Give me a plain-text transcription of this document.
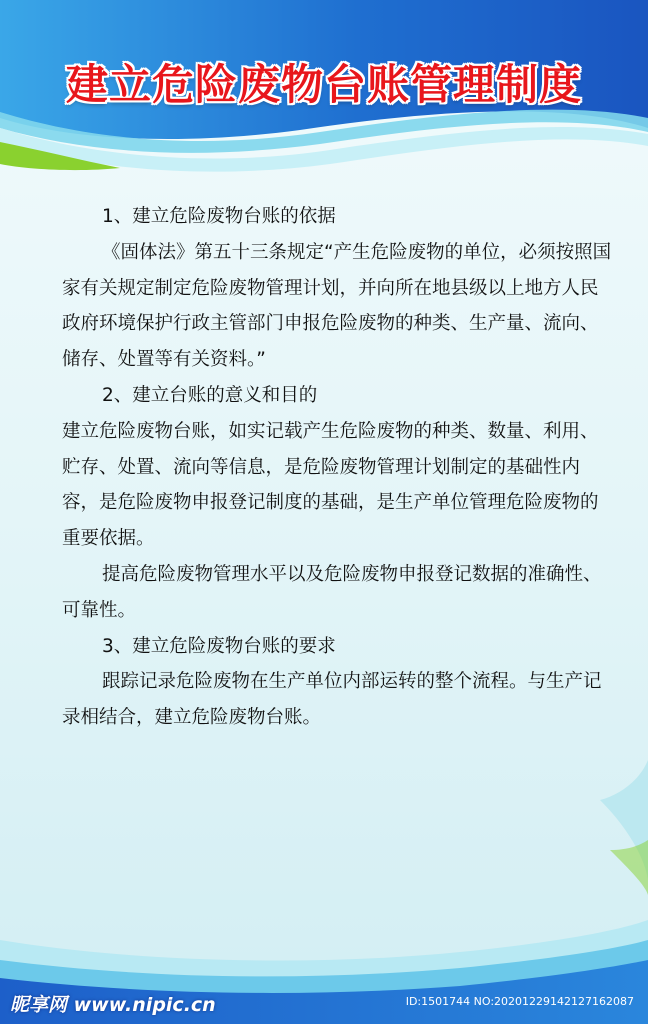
建立危险废物台账管理制度

1、建立危险废物台账的依据

《固体法》第五十三条规定“产生危险废物的单位，必须按照国家有关规定制定危险废物管理计划，并向所在地县级以上地方人民政府环境保护行政主管部门申报危险废物的种类、生产量、流向、储存、处置等有关资料。”

2、建立台账的意义和目的

建立危险废物台账，如实记载产生危险废物的种类、数量、利用、贮存、处置、流向等信息，是危险废物管理计划制定的基础性内容，是危险废物申报登记制度的基础，是生产单位管理危险废物的重要依据。

提高危险废物管理水平以及危险废物申报登记数据的准确性、可靠性。

3、建立危险废物台账的要求

跟踪记录危险废物在生产单位内部运转的整个流程。与生产记录相结合，建立危险废物台账。

昵享网 www.nipic.cn	ID:1501744 NO:20201229142127162087
